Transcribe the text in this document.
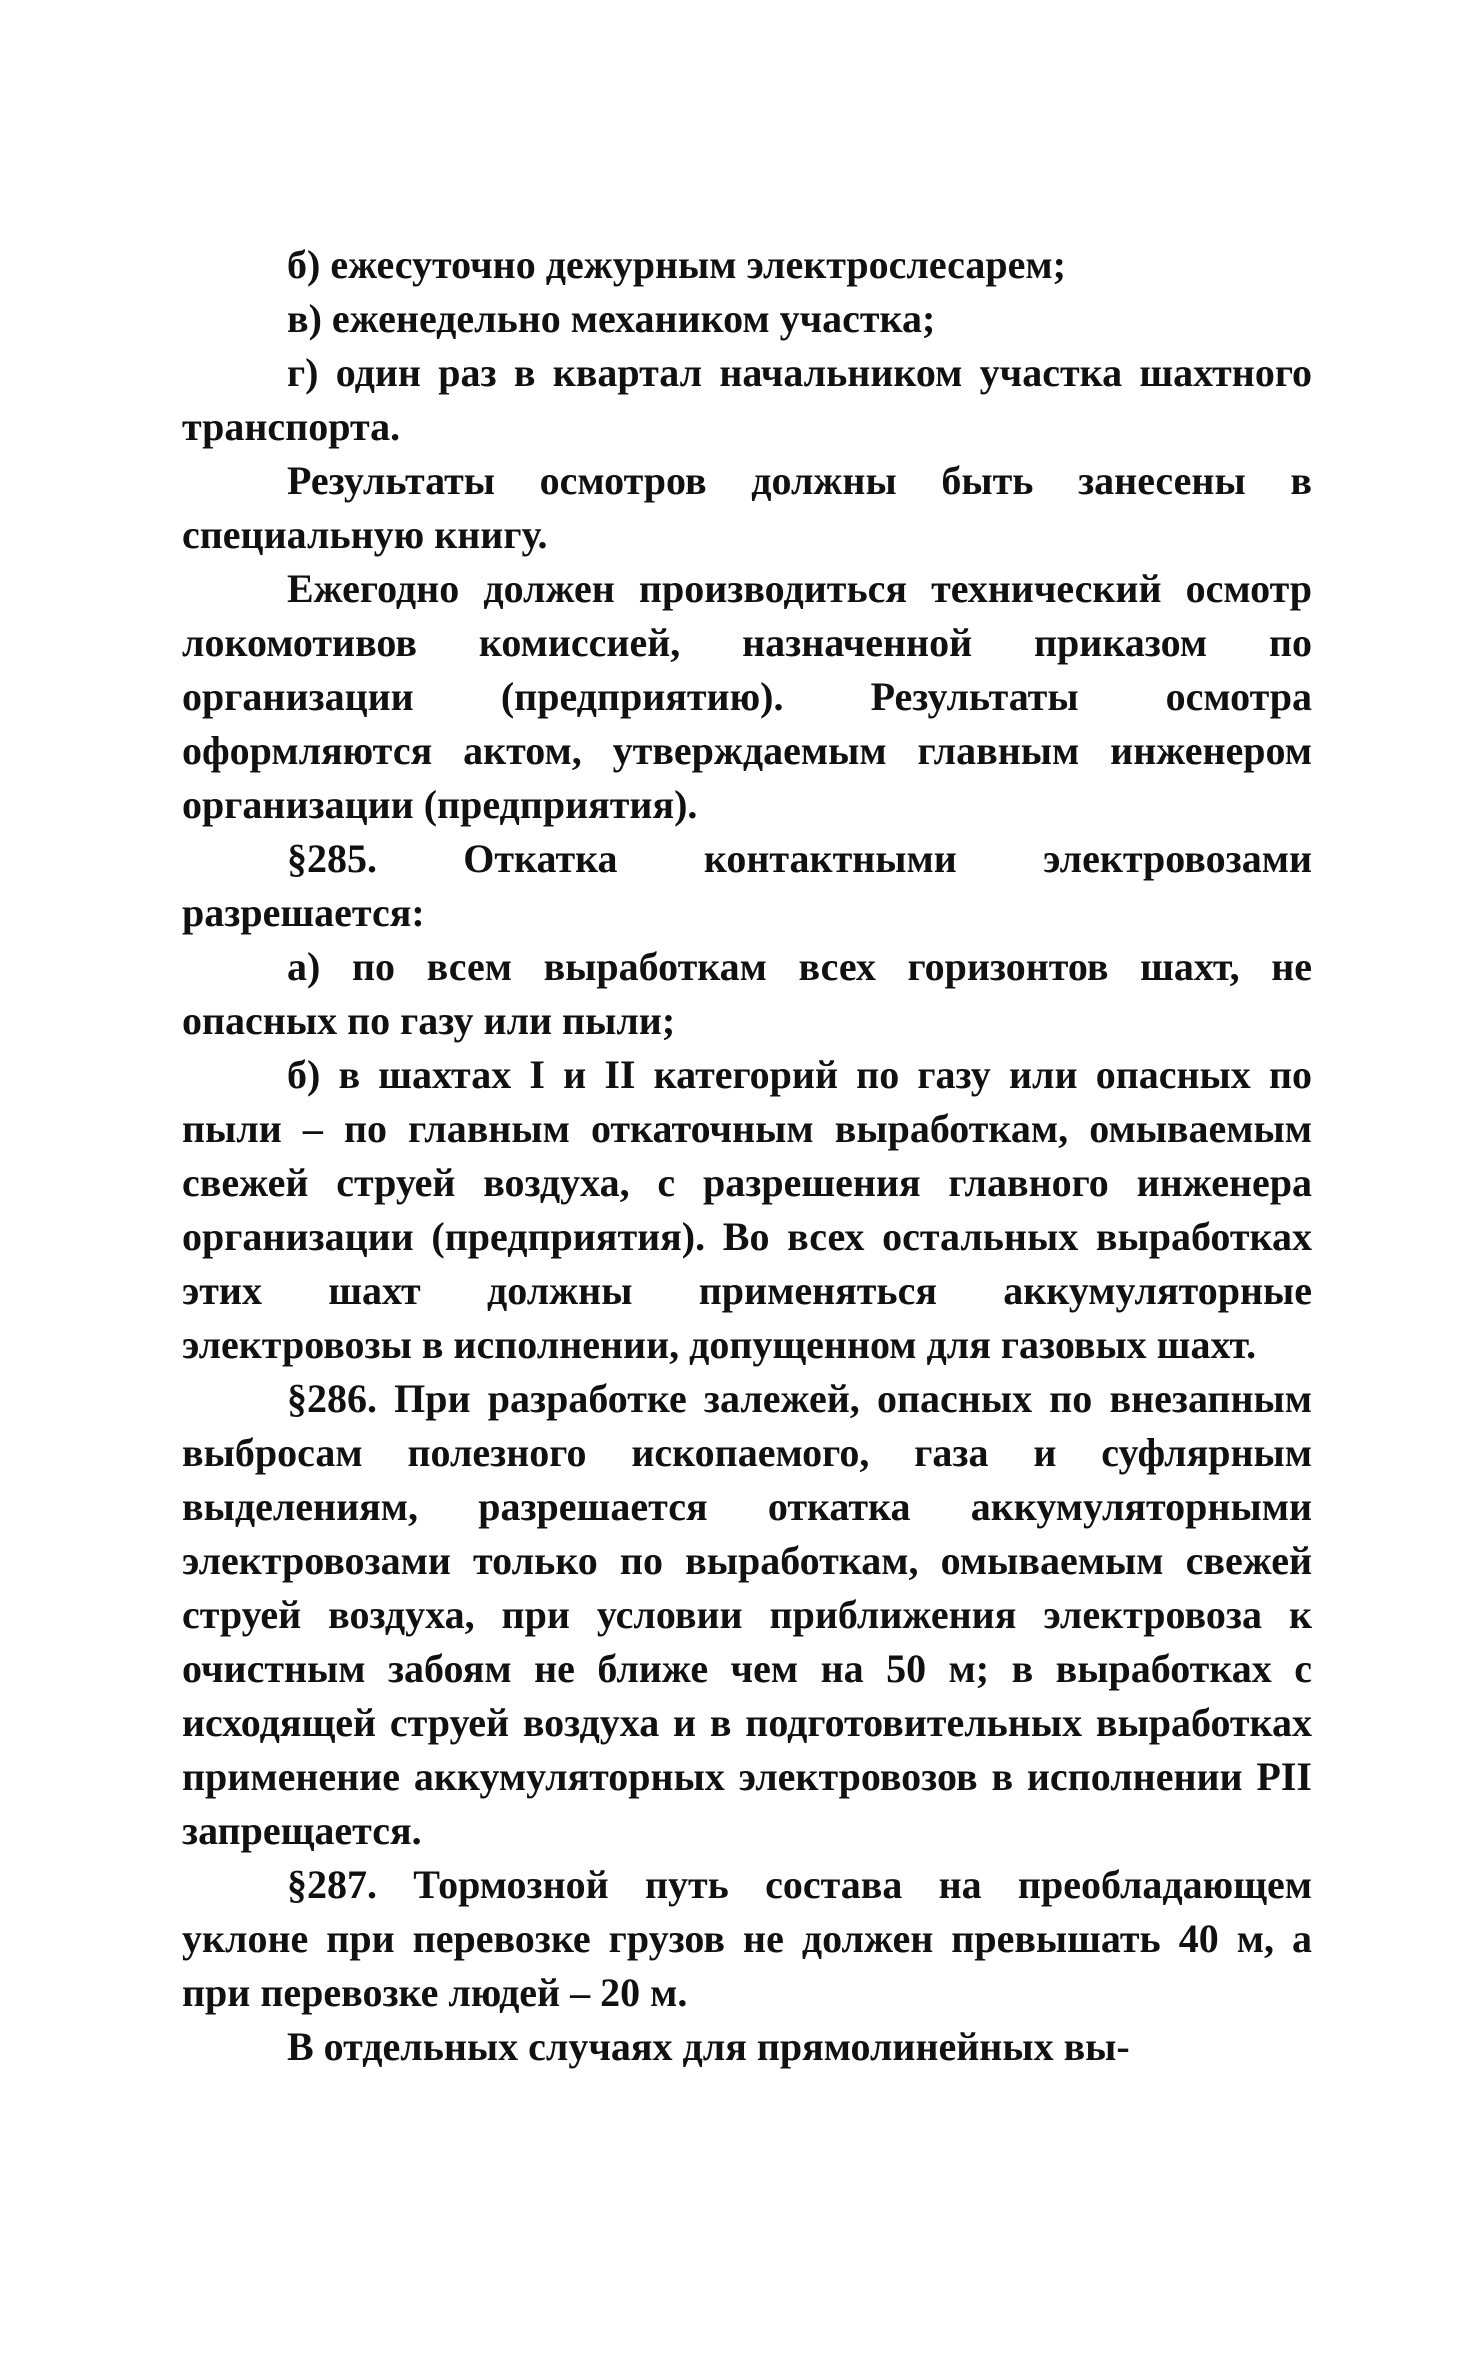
б) ежесуточно дежурным электрослесарем;

в) еженедельно механиком участка;

г) один раз в квартал начальником участка шахтного транспорта.

Результаты осмотров должны быть занесены в специальную книгу.

Ежегодно должен производиться технический осмотр локомотивов комиссией, назначенной приказом по организации (предприятию). Результаты осмотра оформляются актом, утверждаемым главным инженером организации (предприятия).

§285. Откатка контактными электровозами разрешается:

а) по всем выработкам всех горизонтов шахт, не опасных по газу или пыли;

б) в шахтах I и II категорий по газу или опасных по пыли – по главным откаточным выработкам, омываемым свежей струей воздуха, с разрешения главного инженера организации (предприятия). Во всех остальных выработках этих шахт должны применяться аккумуляторные электровозы в исполнении, допущенном для газовых шахт.

§286. При разработке залежей, опасных по внезапным выбросам полезного ископаемого, газа и суфлярным выделениям, разрешается откатка аккумуляторными электровозами только по выработкам, омываемым свежей струей воздуха, при условии приближения электровоза к очистным забоям не ближе чем на 50 м; в выработках с исходящей струей воздуха и в подготовительных выработках применение аккумуляторных электровозов в исполнении РII запрещается.

§287. Тормозной путь состава на преобладающем уклоне при перевозке грузов не должен превышать 40 м, а при перевозке людей – 20 м.

В отдельных случаях для прямолинейных вы-
